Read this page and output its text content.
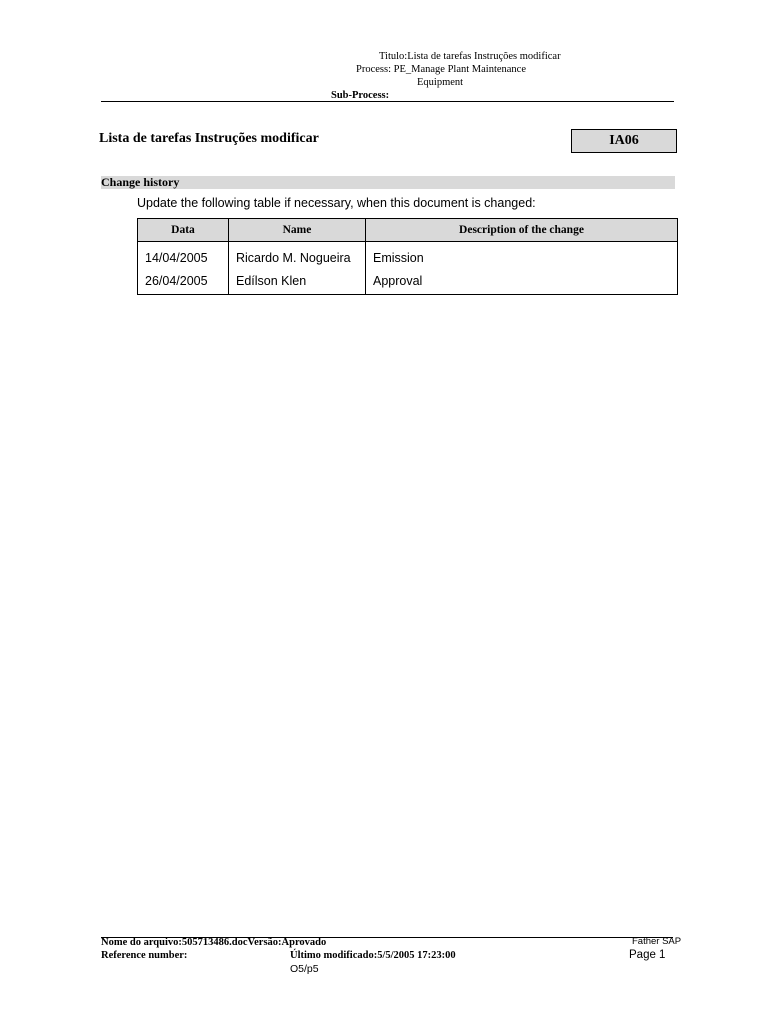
Titulo:Lista de tarefas Instruções modificar
Process: PE_Manage Plant Maintenance
Equipment
Sub-Process:
Lista de tarefas Instruções modificar	IA06
Change history
Update the following table if necessary, when this document is changed:
Data	Name	Description of the change
14/04/2005	Ricardo M. Nogueira	Emission
26/04/2005	Edílson Klen	Approval
Nome do arquivo:505713486.docVersão:Aprovado
Reference number:	Último modificado:5/5/2005 17:23:00
O5/p5
Father SAP
Page 1
